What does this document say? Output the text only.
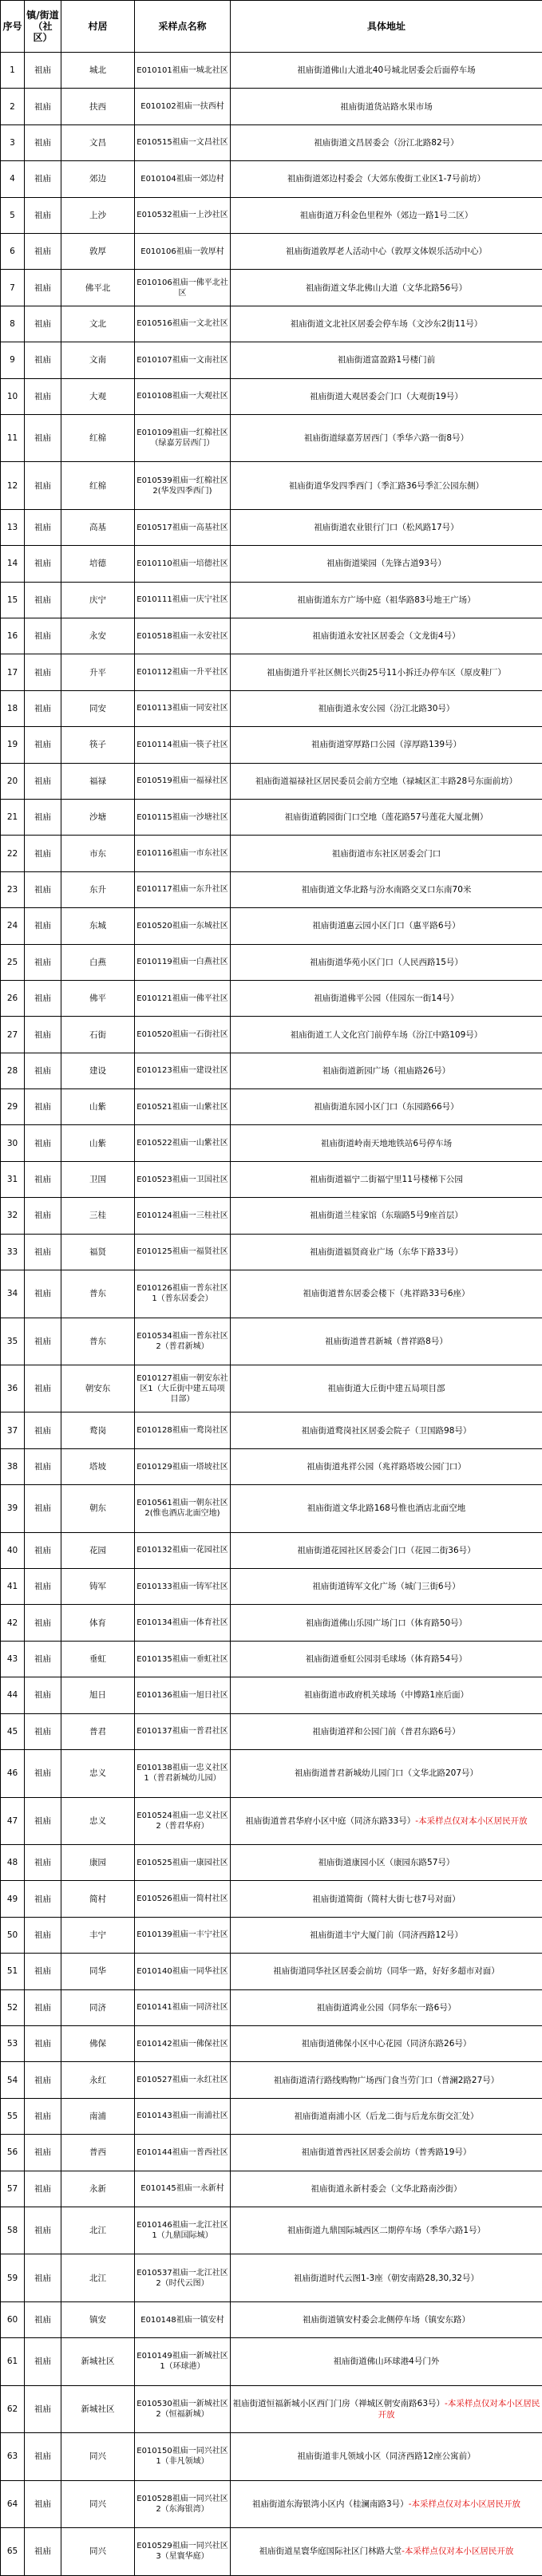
序号	镇/街道（社区）	村居	采样点名称	具体地址
1	祖庙	城北	E010101祖庙一城北社区	祖庙街道佛山大道北40号城北居委会后面停车场
2	祖庙	扶西	E010102祖庙一扶西村	祖庙街道货站路水果市场
3	祖庙	文昌	E010515祖庙一文昌社区	祖庙街道文昌居委会（汾江北路82号）
4	祖庙	郊边	E010104祖庙一郊边村	祖庙街道郊边村委会（大郊东俊街工业区1-7号前坊）
5	祖庙	上沙	E010532祖庙一上沙社区	祖庙街道万科金色里程外（郊边一路1号二区）
6	祖庙	敦厚	E010106祖庙一敦厚村	祖庙街道敦厚老人活动中心（敦厚文体娱乐活动中心）
7	祖庙	佛平北	E010106祖庙一佛平北社区	祖庙街道文华北佛山大道（文华北路56号）
8	祖庙	文北	E010516祖庙一文北社区	祖庙街道文北社区居委会停车场（文沙东2街11号）
9	祖庙	文南	E010107祖庙一文南社区	祖庙街道富盈路1号楼门前
10	祖庙	大观	E010108祖庙一大观社区	祖庙街道大观居委会门口（大观街19号）
11	祖庙	红棉	E010109祖庙一红棉社区（绿嘉芳居西门）	祖庙街道绿嘉芳居西门（季华六路一街8号）
12	祖庙	红棉	E010539祖庙一红棉社区2(华发四季西门)	祖庙街道华发四季西门（季汇路36号季汇公园东侧）
13	祖庙	高基	E010517祖庙一高基社区	祖庙街道农业银行门口（松风路17号）
14	祖庙	培德	E010110祖庙一培德社区	祖庙街道梁园（先锋古道93号）
15	祖庙	庆宁	E010111祖庙一庆宁社区	祖庙街道东方广场中庭（祖华路83号地王广场）
16	祖庙	永安	E010518祖庙一永安社区	祖庙街道永安社区居委会（文龙街4号）
17	祖庙	升平	E010112祖庙一升平社区	祖庙街道升平社区侧长兴街25号11小拆迁办停车区（原皮鞋厂）
18	祖庙	同安	E010113祖庙一同安社区	祖庙街道永安公园（汾江北路30号）
19	祖庙	筷子	E010114祖庙一筷子社区	祖庙街道穿厚路口公园（淳厚路139号）
20	祖庙	福禄	E010519祖庙一福禄社区	祖庙街道福禄社区居民委员会前方空地（禄城区汇丰路28号东面前坊）
21	祖庙	沙塘	E010115祖庙一沙塘社区	祖庙街道鹤园街门口空地（莲花路57号莲花大厦北侧）
22	祖庙	市东	E010116祖庙一市东社区	祖庙街道市东社区居委会门口
23	祖庙	东升	E010117祖庙一东升社区	祖庙街道文华北路与汾水南路交叉口东南70米
24	祖庙	东城	E010520祖庙一东城社区	祖庙街道惠云园小区门口（惠平路6号）
25	祖庙	白燕	E010119祖庙一白燕社区	祖庙街道华苑小区门口（人民西路15号）
26	祖庙	佛平	E010121祖庙一佛平社区	祖庙街道佛平公园（佳园东一街14号）
27	祖庙	石街	E010520祖庙一石街社区	祖庙街道工人文化宫门前停车场（汾江中路109号）
28	祖庙	建设	E010123祖庙一建设社区	祖庙街道新园广场（祖庙路26号）
29	祖庙	山紫	E010521祖庙一山紫社区	祖庙街道东园小区门口（东园路66号）
30	祖庙	山紫	E010522祖庙一山紫社区	祖庙街道岭南天地地铁站6号停车场
31	祖庙	卫国	E010523祖庙一卫国社区	祖庙街道福宁二街福宁里11号楼梯下公园
32	祖庙	三桂	E010124祖庙一三桂社区	祖庙街道兰桂家馆（东瑞路5号9座首层）
33	祖庙	福贤	E010125祖庙一福贤社区	祖庙街道福贤商业广场（东华下路33号）
34	祖庙	普东	E010126祖庙一普东社区1（普东居委会）	祖庙街道普东居委会楼下（兆祥路33号6座）
35	祖庙	普东	E010534祖庙一普东社区2（普君新城）	祖庙街道普君新城（普祥路8号）
36	祖庙	朝安东	E010127祖庙一朝安东社区1（大丘街中建五局项目部）	祖庙街道大丘街中建五局项目部
37	祖庙	鹜岗	E010128祖庙一鹜岗社区	祖庙街道鹜岗社区居委会院子（卫国路98号）
38	祖庙	塔坡	E010129祖庙一塔坡社区	祖庙街道兆祥公园（兆祥路塔坡公园门口）
39	祖庙	朝东	E010561祖庙一朝东社区2(惟也酒店北面空地)	祖庙街道文华北路168号惟也酒店北面空地
40	祖庙	花园	E010132祖庙一花园社区	祖庙街道花园社区居委会门口（花园二街36号）
41	祖庙	铸军	E010133祖庙一铸军社区	祖庙街道铸军文化广场（城门三街6号）
42	祖庙	体育	E010134祖庙一体育社区	祖庙街道佛山乐园广场门口（体育路50号）
43	祖庙	垂虹	E010135祖庙一垂虹社区	祖庙街道垂虹公园羽毛球场（体育路54号）
44	祖庙	旭日	E010136祖庙一旭日社区	祖庙街道市政府机关球场（中博路1座后面）
45	祖庙	普君	E010137祖庙一普君社区	祖庙街道祥和公园门前（普君东路6号）
46	祖庙	忠义	E010138祖庙一忠义社区1（普君新城幼儿园）	祖庙街道普君新城幼儿园门口（文华北路207号）
47	祖庙	忠义	E010524祖庙一忠义社区2（普君华府）	祖庙街道普君华府小区中庭（同济东路33号）-本采样点仅对本小区居民开放
48	祖庙	康园	E010525祖庙一康园社区	祖庙街道康园小区（康园东路57号）
49	祖庙	简村	E010526祖庙一简村社区	祖庙街道简街（简村大街七巷7号对面）
50	祖庙	丰宁	E010139祖庙一丰宁社区	祖庙街道丰宁大厦门前（同济西路12号）
51	祖庙	同华	E010140祖庙一同华社区	祖庙街道同华社区居委会前坊（同华一路，好好多超市对面）
52	祖庙	同济	E010141祖庙一同济社区	祖庙街道鸿业公园（同华东一路6号）
53	祖庙	佛保	E010142祖庙一佛保社区	祖庙街道佛保小区中心花园（同济东路26号）
54	祖庙	永红	E010527祖庙一永红社区	祖庙街道清行路线购物广场西门食当劳门口（普澜2路27号）
55	祖庙	南浦	E010143祖庙一南浦社区	祖庙街道南浦小区（后龙二街与后龙东街交汇处）
56	祖庙	普西	E010144祖庙一普西社区	祖庙街道普西社区居委会前坊（普秀路19号）
57	祖庙	永新	E010145祖庙一永新村	祖庙街道永新村委会（文华北路南沙街）
58	祖庙	北江	E010146祖庙一北江社区1（九鼎国际城）	祖庙街道九鼎国际城西区二期停车场（季华六路1号）
59	祖庙	北江	E010537祖庙一北江社区2（时代云图）	祖庙街道时代云图1-3座（朝安南路28,30,32号）
60	祖庙	镇安	E010148祖庙一镇安村	祖庙街道镇安村委会北侧停车场（镇安东路）
61	祖庙	新城社区	E010149祖庙一新城社区1（环球港）	祖庙街道佛山环球港4号门外
62	祖庙	新城社区	E010530祖庙一新城社区2（恒福新城）	祖庙街道恒福新城小区西门门房（禅城区朝安南路63号）-本采样点仅对本小区居民开放
63	祖庙	同兴	E010150祖庙一同兴社区1（非凡领域）	祖庙街道非凡领域小区（同济西路12座公寓前）
64	祖庙	同兴	E010528祖庙一同兴社区2（东海银湾）	祖庙街道东海银湾小区内（桂澜南路3号）-本采样点仅对本小区居民开放
65	祖庙	同兴	E010529祖庙一同兴社区3（星寰华庭）	祖庙街道星寰华庭国际社区门林路大堂-本采样点仅对本小区居民开放
